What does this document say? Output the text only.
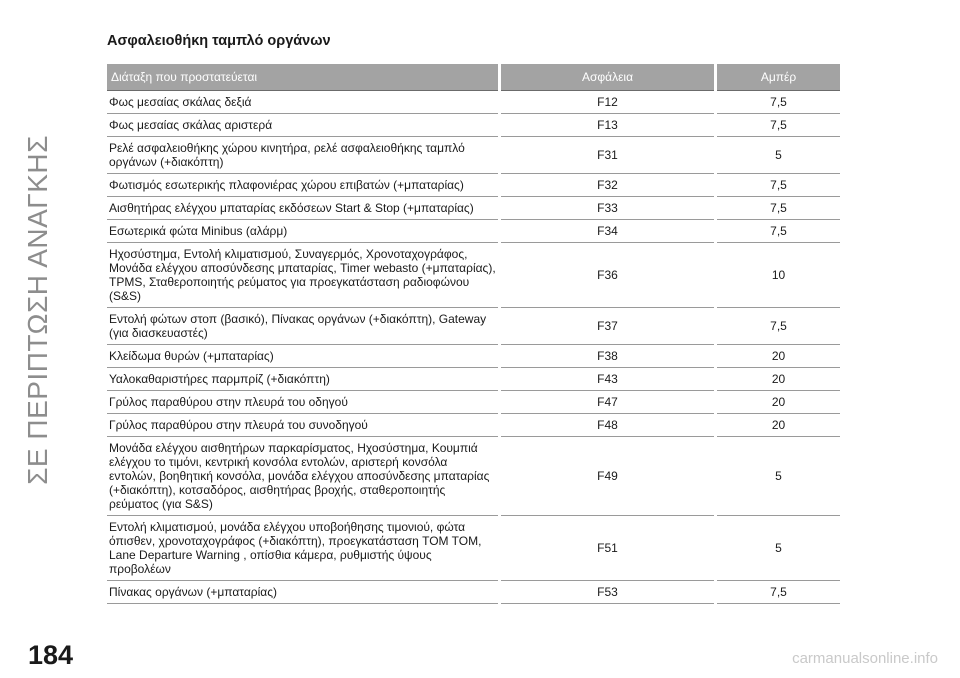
ΣΕ ΠΕΡΙΠΤΩΣΗ ΑΝΑΓΚΗΣ
Ασφαλειοθήκη ταμπλό οργάνων
Διάταξη που προστατεύεται	Ασφάλεια	Αμπέρ
Φως μεσαίας σκάλας δεξιά	F12	7,5
Φως μεσαίας σκάλας αριστερά	F13	7,5
Ρελέ ασφαλειοθήκης χώρου κινητήρα, ρελέ ασφαλειοθήκης ταμπλό οργάνων (+διακόπτη)	F31	5
Φωτισμός εσωτερικής πλαφονιέρας χώρου επιβατών (+μπαταρίας)	F32	7,5
Αισθητήρας ελέγχου μπαταρίας εκδόσεων Start & Stop (+μπαταρίας)	F33	7,5
Εσωτερικά φώτα Minibus (αλάρμ)	F34	7,5
Ηχοσύστημα, Εντολή κλιματισμού, Συναγερμός, Χρονοταχογράφος, Μονάδα ελέγχου αποσύνδεσης μπαταρίας, Timer webasto (+μπαταρίας), TPMS, Σταθεροποιητής ρεύματος για προεγκατάσταση ραδιοφώνου (S&S)	F36	10
Εντολή φώτων στοπ (βασικό), Πίνακας οργάνων (+διακόπτη), Gateway (για διασκευαστές)	F37	7,5
Κλείδωμα θυρών (+μπαταρίας)	F38	20
Υαλοκαθαριστήρες παρμπρίζ (+διακόπτη)	F43	20
Γρύλος παραθύρου στην πλευρά του οδηγού	F47	20
Γρύλος παραθύρου στην πλευρά του συνοδηγού	F48	20
Μονάδα ελέγχου αισθητήρων παρκαρίσματος, Ηχοσύστημα, Κουμπιά ελέγχου το τιμόνι, κεντρική κονσόλα εντολών, αριστερή κονσόλα εντολών, βοηθητική κονσόλα, μονάδα ελέγχου αποσύνδεσης μπαταρίας (+διακόπτη), κοτσαδόρος, αισθητήρας βροχής, σταθεροποιητής ρεύματος (για S&S)	F49	5
Εντολή κλιματισμού, μονάδα ελέγχου υποβοήθησης τιμονιού, φώτα όπισθεν, χρονοταχογράφος (+διακόπτη), προεγκατάσταση TOM TOM, Lane Departure Warning , οπίσθια κάμερα, ρυθμιστής ύψους προβολέων	F51	5
Πίνακας οργάνων (+μπαταρίας)	F53	7,5
184	carmanualsonline.info
